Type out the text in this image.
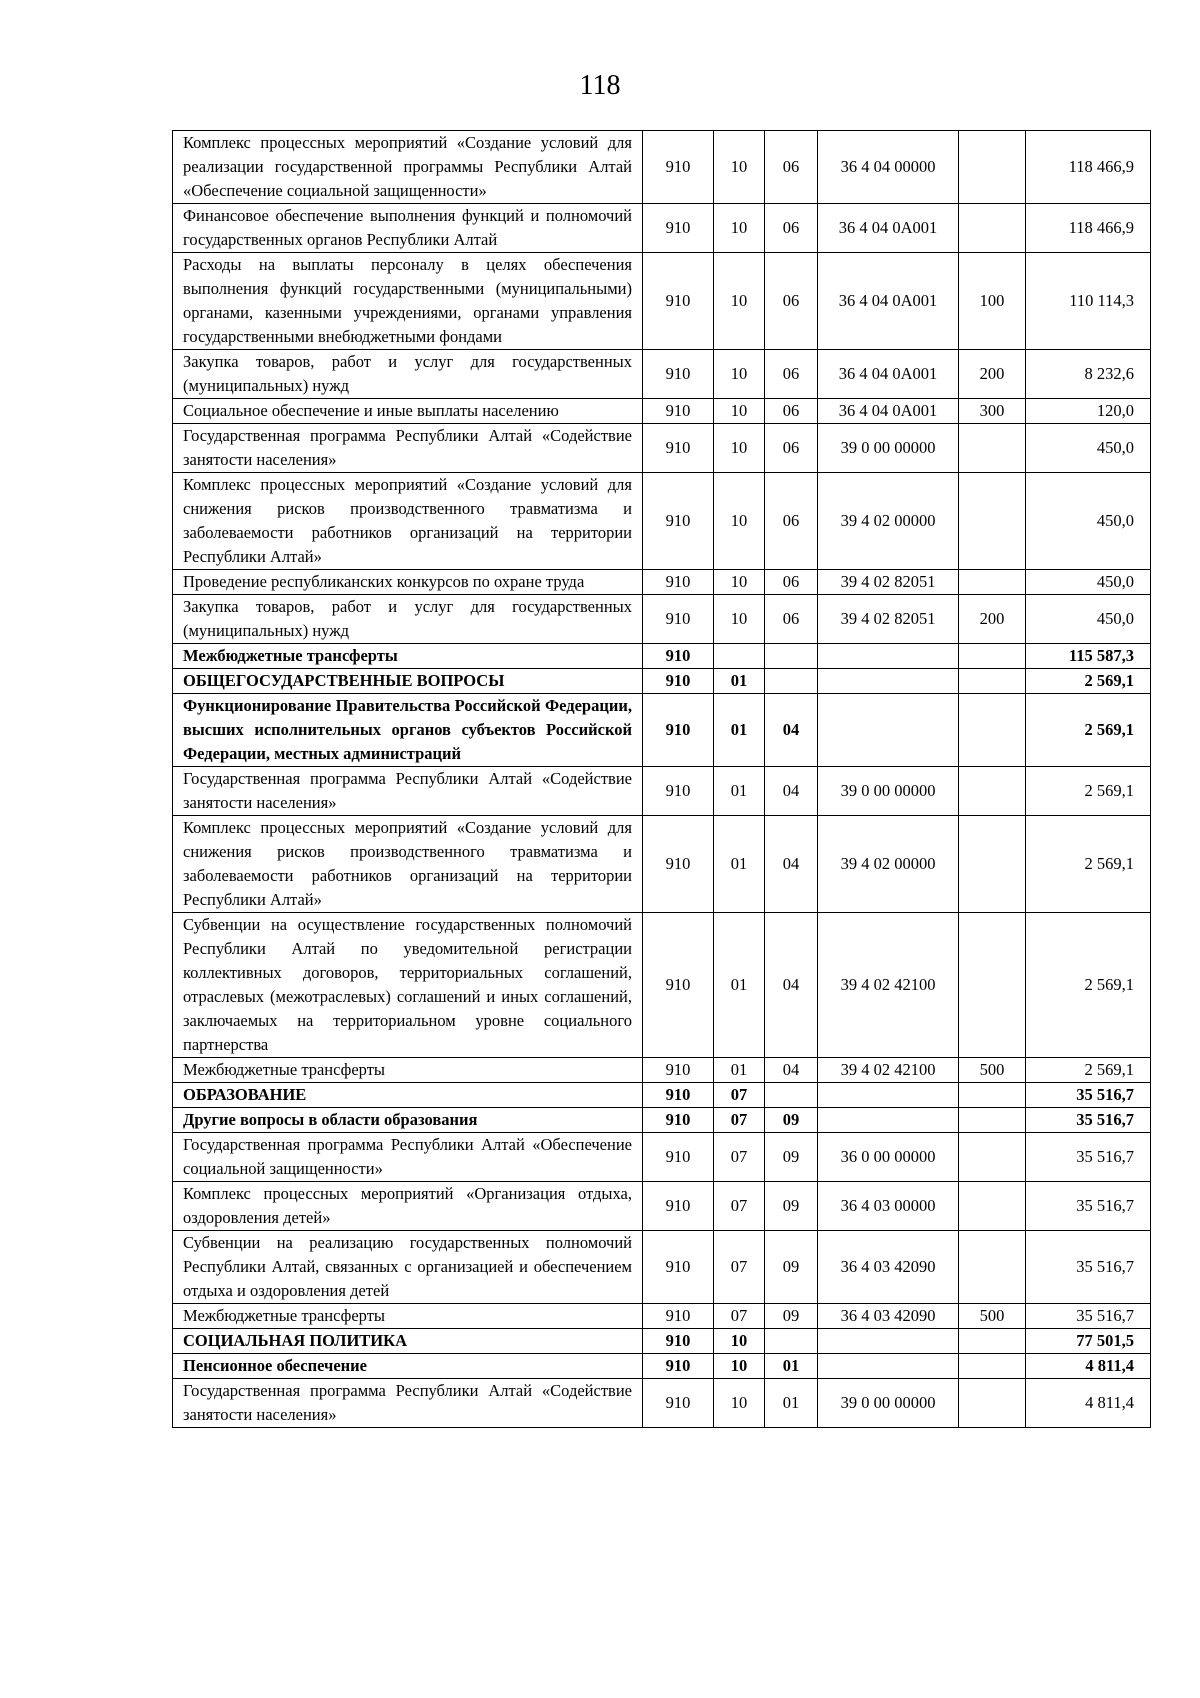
118
Комплекс процессных мероприятий «Создание условий для реализации государственной программы Республики Алтай «Обеспечение социальной защищенности»	910	10	06	36 4 04 00000		118 466,9
Финансовое обеспечение выполнения функций и полномочий государственных органов Республики Алтай	910	10	06	36 4 04 0А001		118 466,9
Расходы на выплаты персоналу в целях обеспечения выполнения функций государственными (муниципальными) органами, казенными учреждениями, органами управления государственными внебюджетными фондами	910	10	06	36 4 04 0А001	100	110 114,3
Закупка товаров, работ и услуг для государственных (муниципальных) нужд	910	10	06	36 4 04 0А001	200	8 232,6
Социальное обеспечение и иные выплаты населению	910	10	06	36 4 04 0А001	300	120,0
Государственная программа Республики Алтай «Содействие занятости населения»	910	10	06	39 0 00 00000		450,0
Комплекс процессных мероприятий «Создание условий для снижения рисков производственного травматизма и заболеваемости работников организаций на территории Республики Алтай»	910	10	06	39 4 02 00000		450,0
Проведение республиканских конкурсов по охране труда	910	10	06	39 4 02 82051		450,0
Закупка товаров, работ и услуг для государственных (муниципальных) нужд	910	10	06	39 4 02 82051	200	450,0
Межбюджетные трансферты	910					115 587,3
ОБЩЕГОСУДАРСТВЕННЫЕ ВОПРОСЫ	910	01				2 569,1
Функционирование Правительства Российской Федерации, высших исполнительных органов субъектов Российской Федерации, местных администраций	910	01	04			2 569,1
Государственная программа Республики Алтай «Содействие занятости населения»	910	01	04	39 0 00 00000		2 569,1
Комплекс процессных мероприятий «Создание условий для снижения рисков производственного травматизма и заболеваемости работников организаций на территории Республики Алтай»	910	01	04	39 4 02 00000		2 569,1
Субвенции на осуществление государственных полномочий Республики Алтай по уведомительной регистрации коллективных договоров, территориальных соглашений, отраслевых (межотраслевых) соглашений и иных соглашений, заключаемых на территориальном уровне социального партнерства	910	01	04	39 4 02 42100		2 569,1
Межбюджетные трансферты	910	01	04	39 4 02 42100	500	2 569,1
ОБРАЗОВАНИЕ	910	07				35 516,7
Другие вопросы в области образования	910	07	09			35 516,7
Государственная программа Республики Алтай «Обеспечение социальной защищенности»	910	07	09	36 0 00 00000		35 516,7
Комплекс процессных мероприятий «Организация отдыха, оздоровления детей»	910	07	09	36 4 03 00000		35 516,7
Субвенции на реализацию государственных полномочий Республики Алтай, связанных с организацией и обеспечением отдыха и оздоровления детей	910	07	09	36 4 03 42090		35 516,7
Межбюджетные трансферты	910	07	09	36 4 03 42090	500	35 516,7
СОЦИАЛЬНАЯ ПОЛИТИКА	910	10				77 501,5
Пенсионное обеспечение	910	10	01			4 811,4
Государственная программа Республики Алтай «Содействие занятости населения»	910	10	01	39 0 00 00000		4 811,4
